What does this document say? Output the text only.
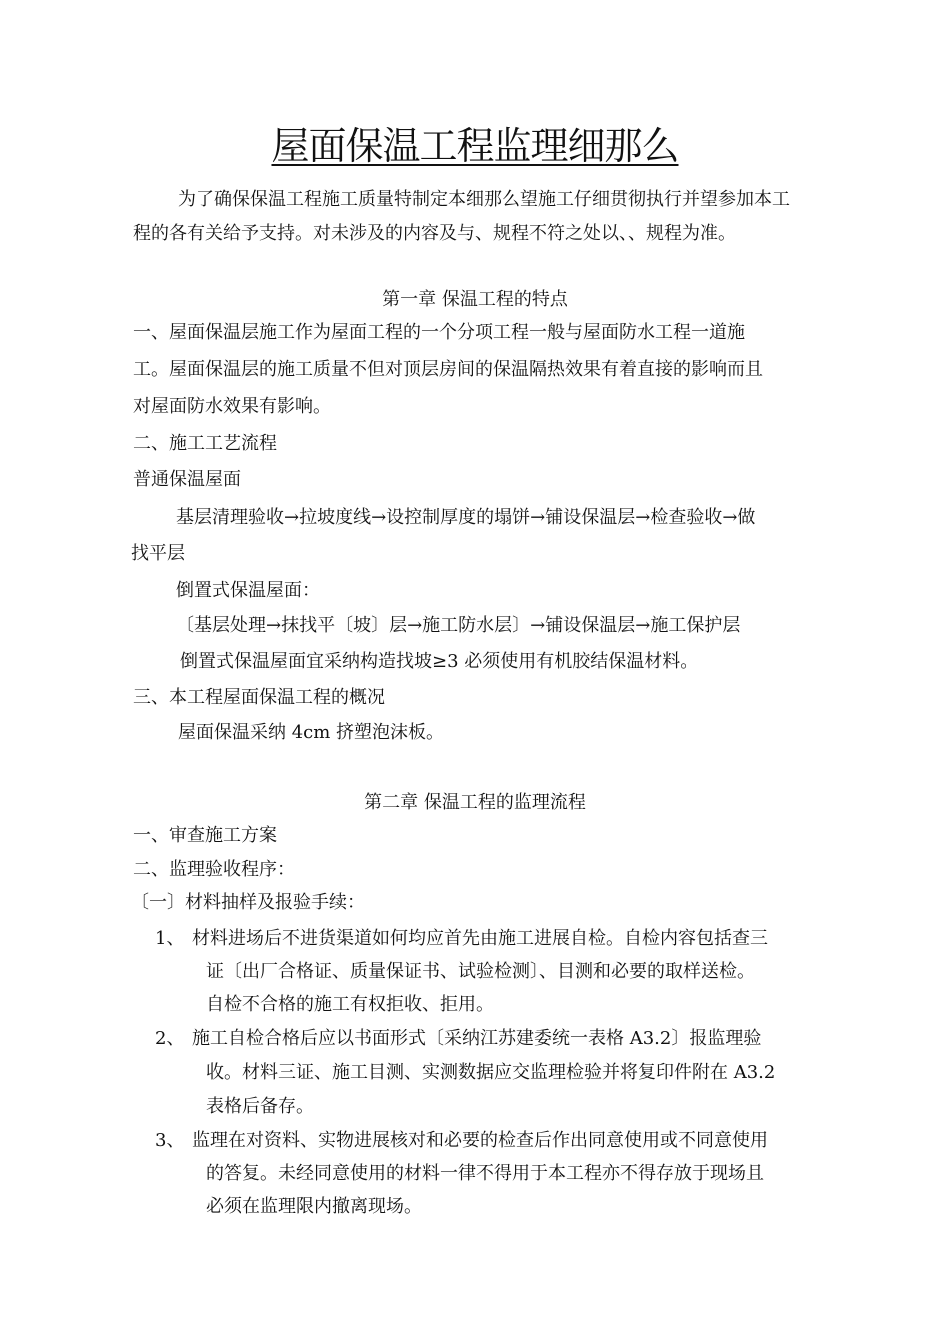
屋面保温工程监理细那么
为了确保保温工程施工质量特制定本细那么望施工仔细贯彻执行并望参加本工
程的各有关给予支持。对未涉及的内容及与、规程不符之处以、、规程为准。
第一章 保温工程的特点
一、屋面保温层施工作为屋面工程的一个分项工程一般与屋面防水工程一道施
工。屋面保温层的施工质量不但对顶层房间的保温隔热效果有着直接的影响而且
对屋面防水效果有影响。
二、施工工艺流程
普通保温屋面
基层清理验收→拉坡度线→设控制厚度的塌饼→铺设保温层→检查验收→做
找平层
倒置式保温屋面：
〔基层处理→抹找平〔坡〕层→施工防水层〕→铺设保温层→施工保护层
倒置式保温屋面宜采纳构造找坡≥3 必须使用有机胶结保温材料。
三、本工程屋面保温工程的概况
屋面保温采纳 4cm 挤塑泡沫板。
第二章 保温工程的监理流程
一、审查施工方案
二、监理验收程序：
〔一〕材料抽样及报验手续：
1、 材料进场后不进货渠道如何均应首先由施工进展自检。自检内容包括查三
证〔出厂合格证、质量保证书、试验检测〕、目测和必要的取样送检。
自检不合格的施工有权拒收、拒用。
2、 施工自检合格后应以书面形式〔采纳江苏建委统一表格 A3.2〕报监理验
收。材料三证、施工目测、实测数据应交监理检验并将复印件附在 A3.2
表格后备存。
3、 监理在对资料、实物进展核对和必要的检查后作出同意使用或不同意使用
的答复。未经同意使用的材料一律不得用于本工程亦不得存放于现场且
必须在监理限内撤离现场。
